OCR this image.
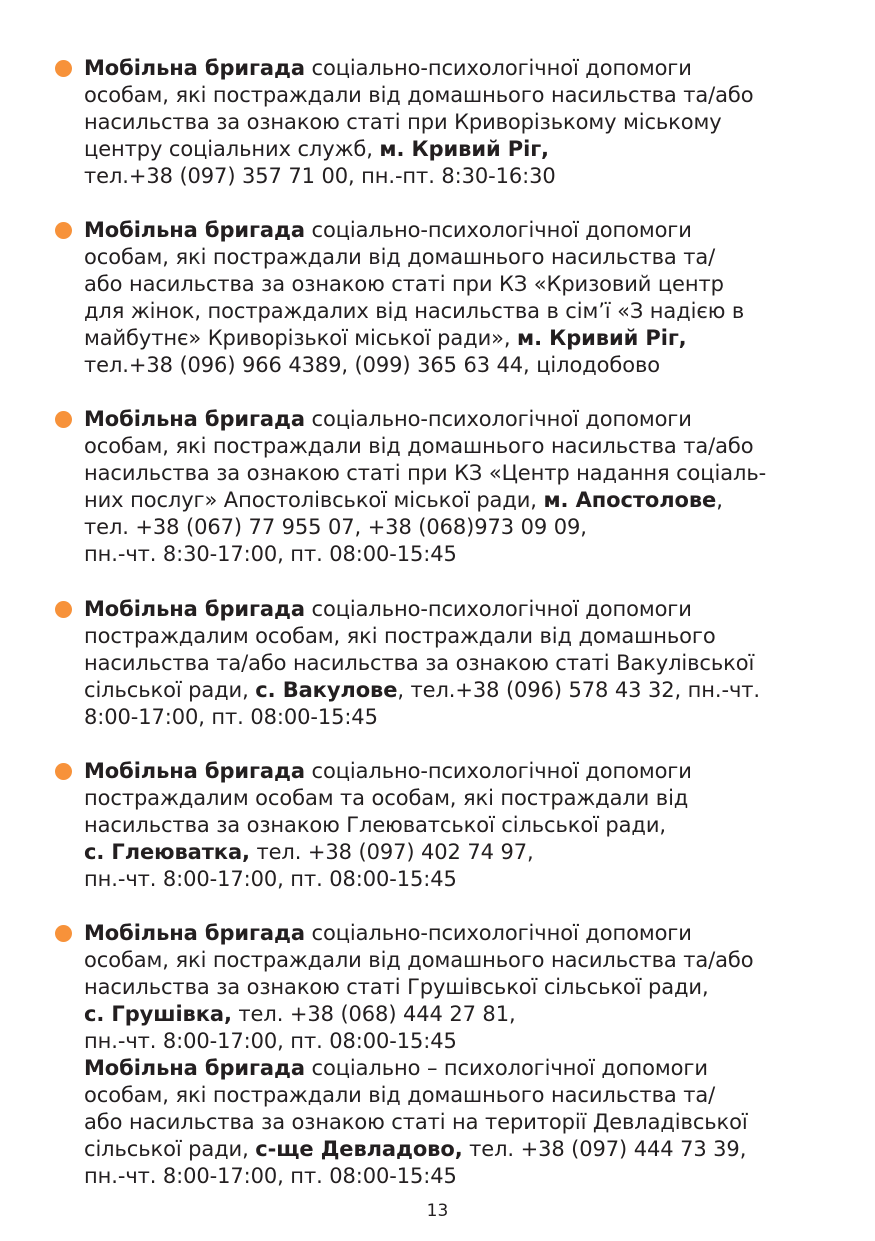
Мобільна бригада соціально-психологічної допомоги
особам, які постраждали від домашнього насильства та/або
насильства за ознакою статі при Криворізькому міському
центру соціальних служб, м. Кривий Ріг,
тел.+38 (097) 357 71 00, пн.-пт. 8:30-16:30
Мобільна бригада соціально-психологічної допомоги
особам, які постраждали від домашнього насильства та/
або насильства за ознакою статі при КЗ «Кризовий центр
для жінок, постраждалих від насильства в сім’ї «З надією в
майбутнє» Криворізької міської ради», м. Кривий Ріг,
тел.+38 (096) 966 4389, (099) 365 63 44, цілодобово
Мобільна бригада соціально-психологічної допомоги
особам, які постраждали від домашнього насильства та/або
насильства за ознакою статі при КЗ «Центр надання соціаль-
них послуг» Апостолівської міської ради, м. Апостолове,
тел. +38 (067) 77 955 07, +38 (068)973 09 09,
пн.-чт. 8:30-17:00, пт. 08:00-15:45
Мобільна бригада соціально-психологічної допомоги
постраждалим особам, які постраждали від домашнього
насильства та/або насильства за ознакою статі Вакулівської
сільської ради, с. Вакулове, тел.+38 (096) 578 43 32, пн.-чт.
8:00-17:00, пт. 08:00-15:45
Мобільна бригада соціально-психологічної допомоги
постраждалим особам та особам, які постраждали від
насильства за ознакою Глеюватської сільської ради,
с. Глеюватка, тел. +38 (097) 402 74 97,
пн.-чт. 8:00-17:00, пт. 08:00-15:45
Мобільна бригада соціально-психологічної допомоги
особам, які постраждали від домашнього насильства та/або
насильства за ознакою статі Грушівської сільської ради,
с. Грушівка, тел. +38 (068) 444 27 81,
пн.-чт. 8:00-17:00, пт. 08:00-15:45
Мобільна бригада соціально – психологічної допомоги
особам, які постраждали від домашнього насильства та/
або насильства за ознакою статі на території Девладівської
сільської ради, с-ще Девладово, тел. +38 (097) 444 73 39,
пн.-чт. 8:00-17:00, пт. 08:00-15:45
13
